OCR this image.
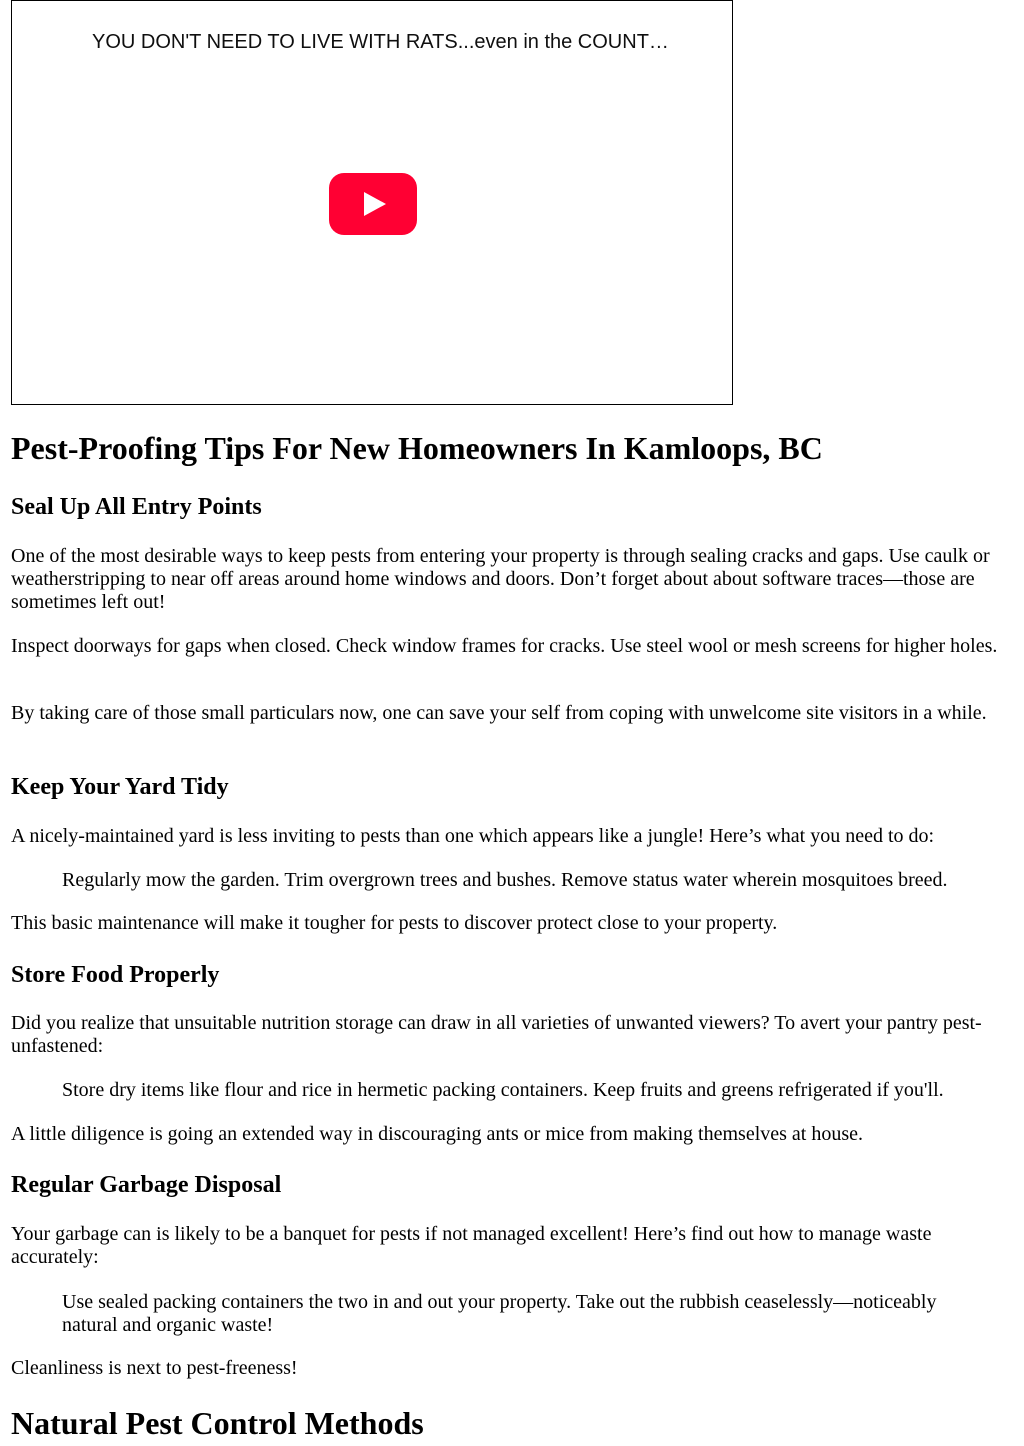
YOU DON'T NEED TO LIVE WITH RATS...even in the COUNT…
Pest-Proofing Tips For New Homeowners In Kamloops, BC
Seal Up All Entry Points

One of the most desirable ways to keep pests from entering your property is through sealing cracks and gaps. Use caulk or weatherstripping to near off areas around home windows and doors. Don’t forget about about software traces—those are sometimes left out!

Inspect doorways for gaps when closed. Check window frames for cracks. Use steel wool or mesh screens for higher holes.

By taking care of those small particulars now, one can save your self from coping with unwelcome site visitors in a while.

Keep Your Yard Tidy

A nicely-maintained yard is less inviting to pests than one which appears like a jungle! Here’s what you need to do:

Regularly mow the garden. Trim overgrown trees and bushes. Remove status water wherein mosquitoes breed.

This basic maintenance will make it tougher for pests to discover protect close to your property.

Store Food Properly

Did you realize that unsuitable nutrition storage can draw in all varieties of unwanted viewers? To avert your pantry pest-unfastened:

Store dry items like flour and rice in hermetic packing containers. Keep fruits and greens refrigerated if you'll.

A little diligence is going an extended way in discouraging ants or mice from making themselves at house.

Regular Garbage Disposal

Your garbage can is likely to be a banquet for pests if not managed excellent! Here’s find out how to manage waste accurately:

Use sealed packing containers the two in and out your property. Take out the rubbish ceaselessly—noticeably natural and organic waste!

Cleanliness is next to pest-freeness!

Natural Pest Control Methods
